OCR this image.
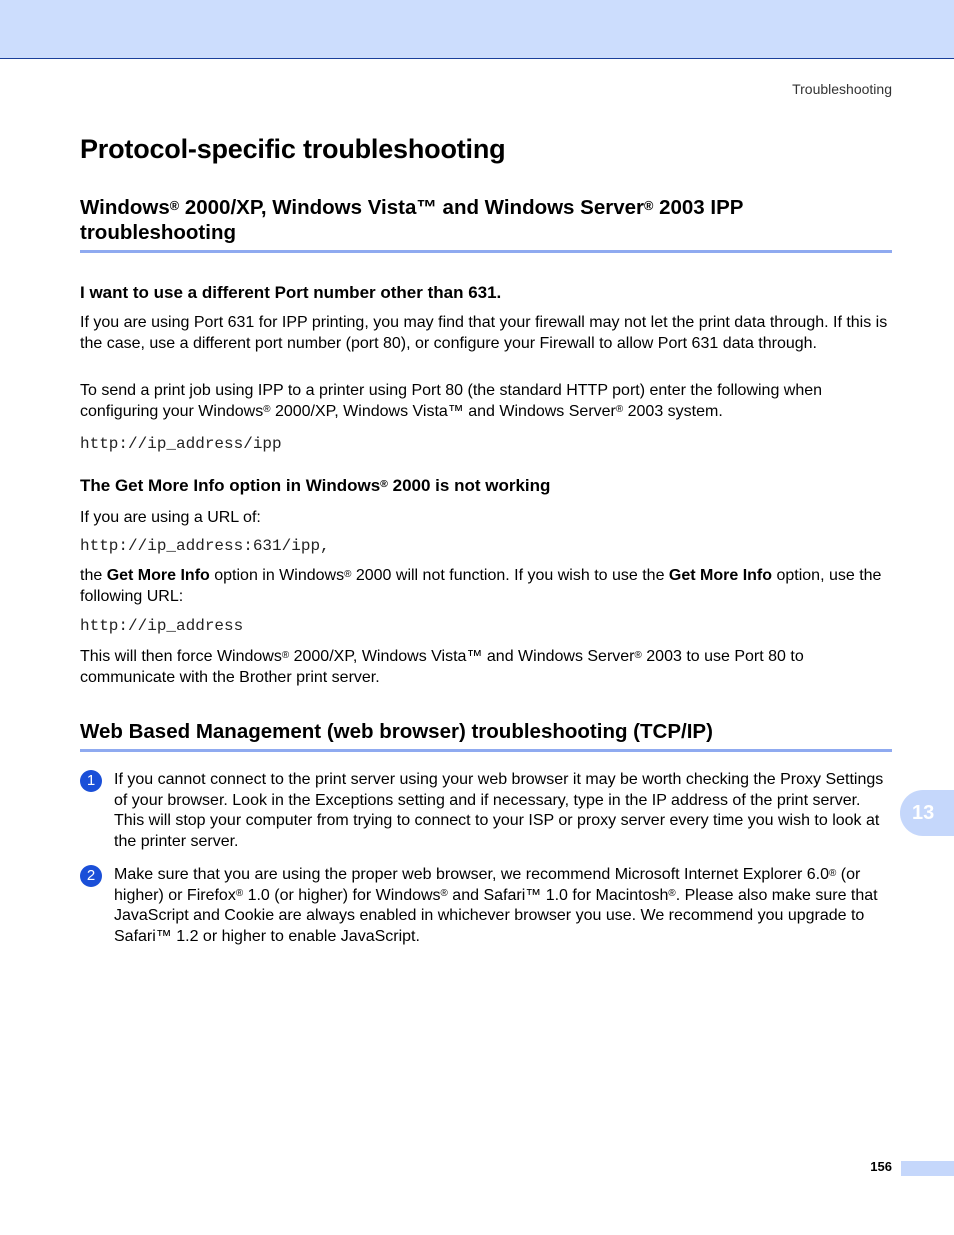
Troubleshooting
Protocol-specific troubleshooting
Windows® 2000/XP, Windows Vista™ and Windows Server® 2003 IPP troubleshooting
I want to use a different Port number other than 631.

If you are using Port 631 for IPP printing, you may find that your firewall may not let the print data through. If this is the case, use a different port number (port 80), or configure your Firewall to allow Port 631 data through.

To send a print job using IPP to a printer using Port 80 (the standard HTTP port) enter the following when configuring your Windows® 2000/XP, Windows Vista™ and Windows Server® 2003 system.

http://ip_address/ipp
The Get More Info option in Windows® 2000 is not working

If you are using a URL of:

http://ip_address:631/ipp,

the Get More Info option in Windows® 2000 will not function. If you wish to use the Get More Info option, use the following URL:

http://ip_address

This will then force Windows® 2000/XP, Windows Vista™ and Windows Server® 2003 to use Port 80 to communicate with the Brother print server.

Web Based Management (web browser) troubleshooting (TCP/IP)
1	If you cannot connect to the print server using your web browser it may be worth checking the Proxy Settings of your browser. Look in the Exceptions setting and if necessary, type in the IP address of the print server. This will stop your computer from trying to connect to your ISP or proxy server every time you wish to look at the printer server.

2	Make sure that you are using the proper web browser, we recommend Microsoft Internet Explorer 6.0® (or higher) or Firefox® 1.0 (or higher) for Windows® and Safari™ 1.0 for Macintosh®. Please also make sure that JavaScript and Cookie are always enabled in whichever browser you use. We recommend you upgrade to Safari™ 1.2 or higher to enable JavaScript.

13
156
